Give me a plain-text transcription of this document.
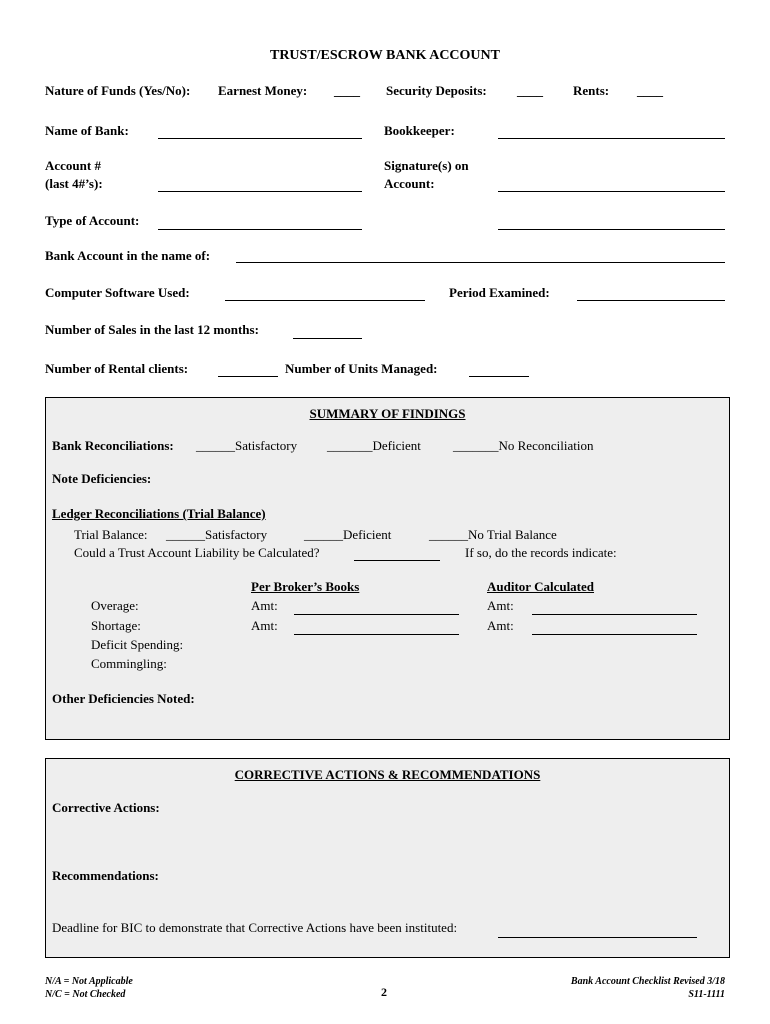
TRUST/ESCROW BANK ACCOUNT
Nature of Funds (Yes/No): Earnest Money: ____ Security Deposits: ____ Rents: ____
Name of Bank:	Bookkeeper:
Account #
(last 4#’s):
Signature(s) on
Account:
Type of Account:
Bank Account in the name of:
Computer Software Used:	Period Examined:
Number of Sales in the last 12 months:
Number of Rental clients:	Number of Units Managed:
SUMMARY OF FINDINGS
Bank Reconciliations: ______Satisfactory _______Deficient _______No Reconciliation
Note Deficiencies:
Ledger Reconciliations (Trial Balance)
Trial Balance: ______Satisfactory	______Deficient	______No Trial Balance
Could a Trust Account Liability be Calculated?	If so, do the records indicate:
Per Broker’s Books	Auditor Calculated
Overage:	Amt:	Amt:
Shortage:	Amt:	Amt:
Deficit Spending:
Commingling:
Other Deficiencies Noted:
CORRECTIVE ACTIONS & RECOMMENDATIONS
Corrective Actions:
Recommendations:
Deadline for BIC to demonstrate that Corrective Actions have been instituted:
N/A = Not Applicable
N/C = Not Checked	2
Bank Account Checklist Revised 3/18
S11-1111
